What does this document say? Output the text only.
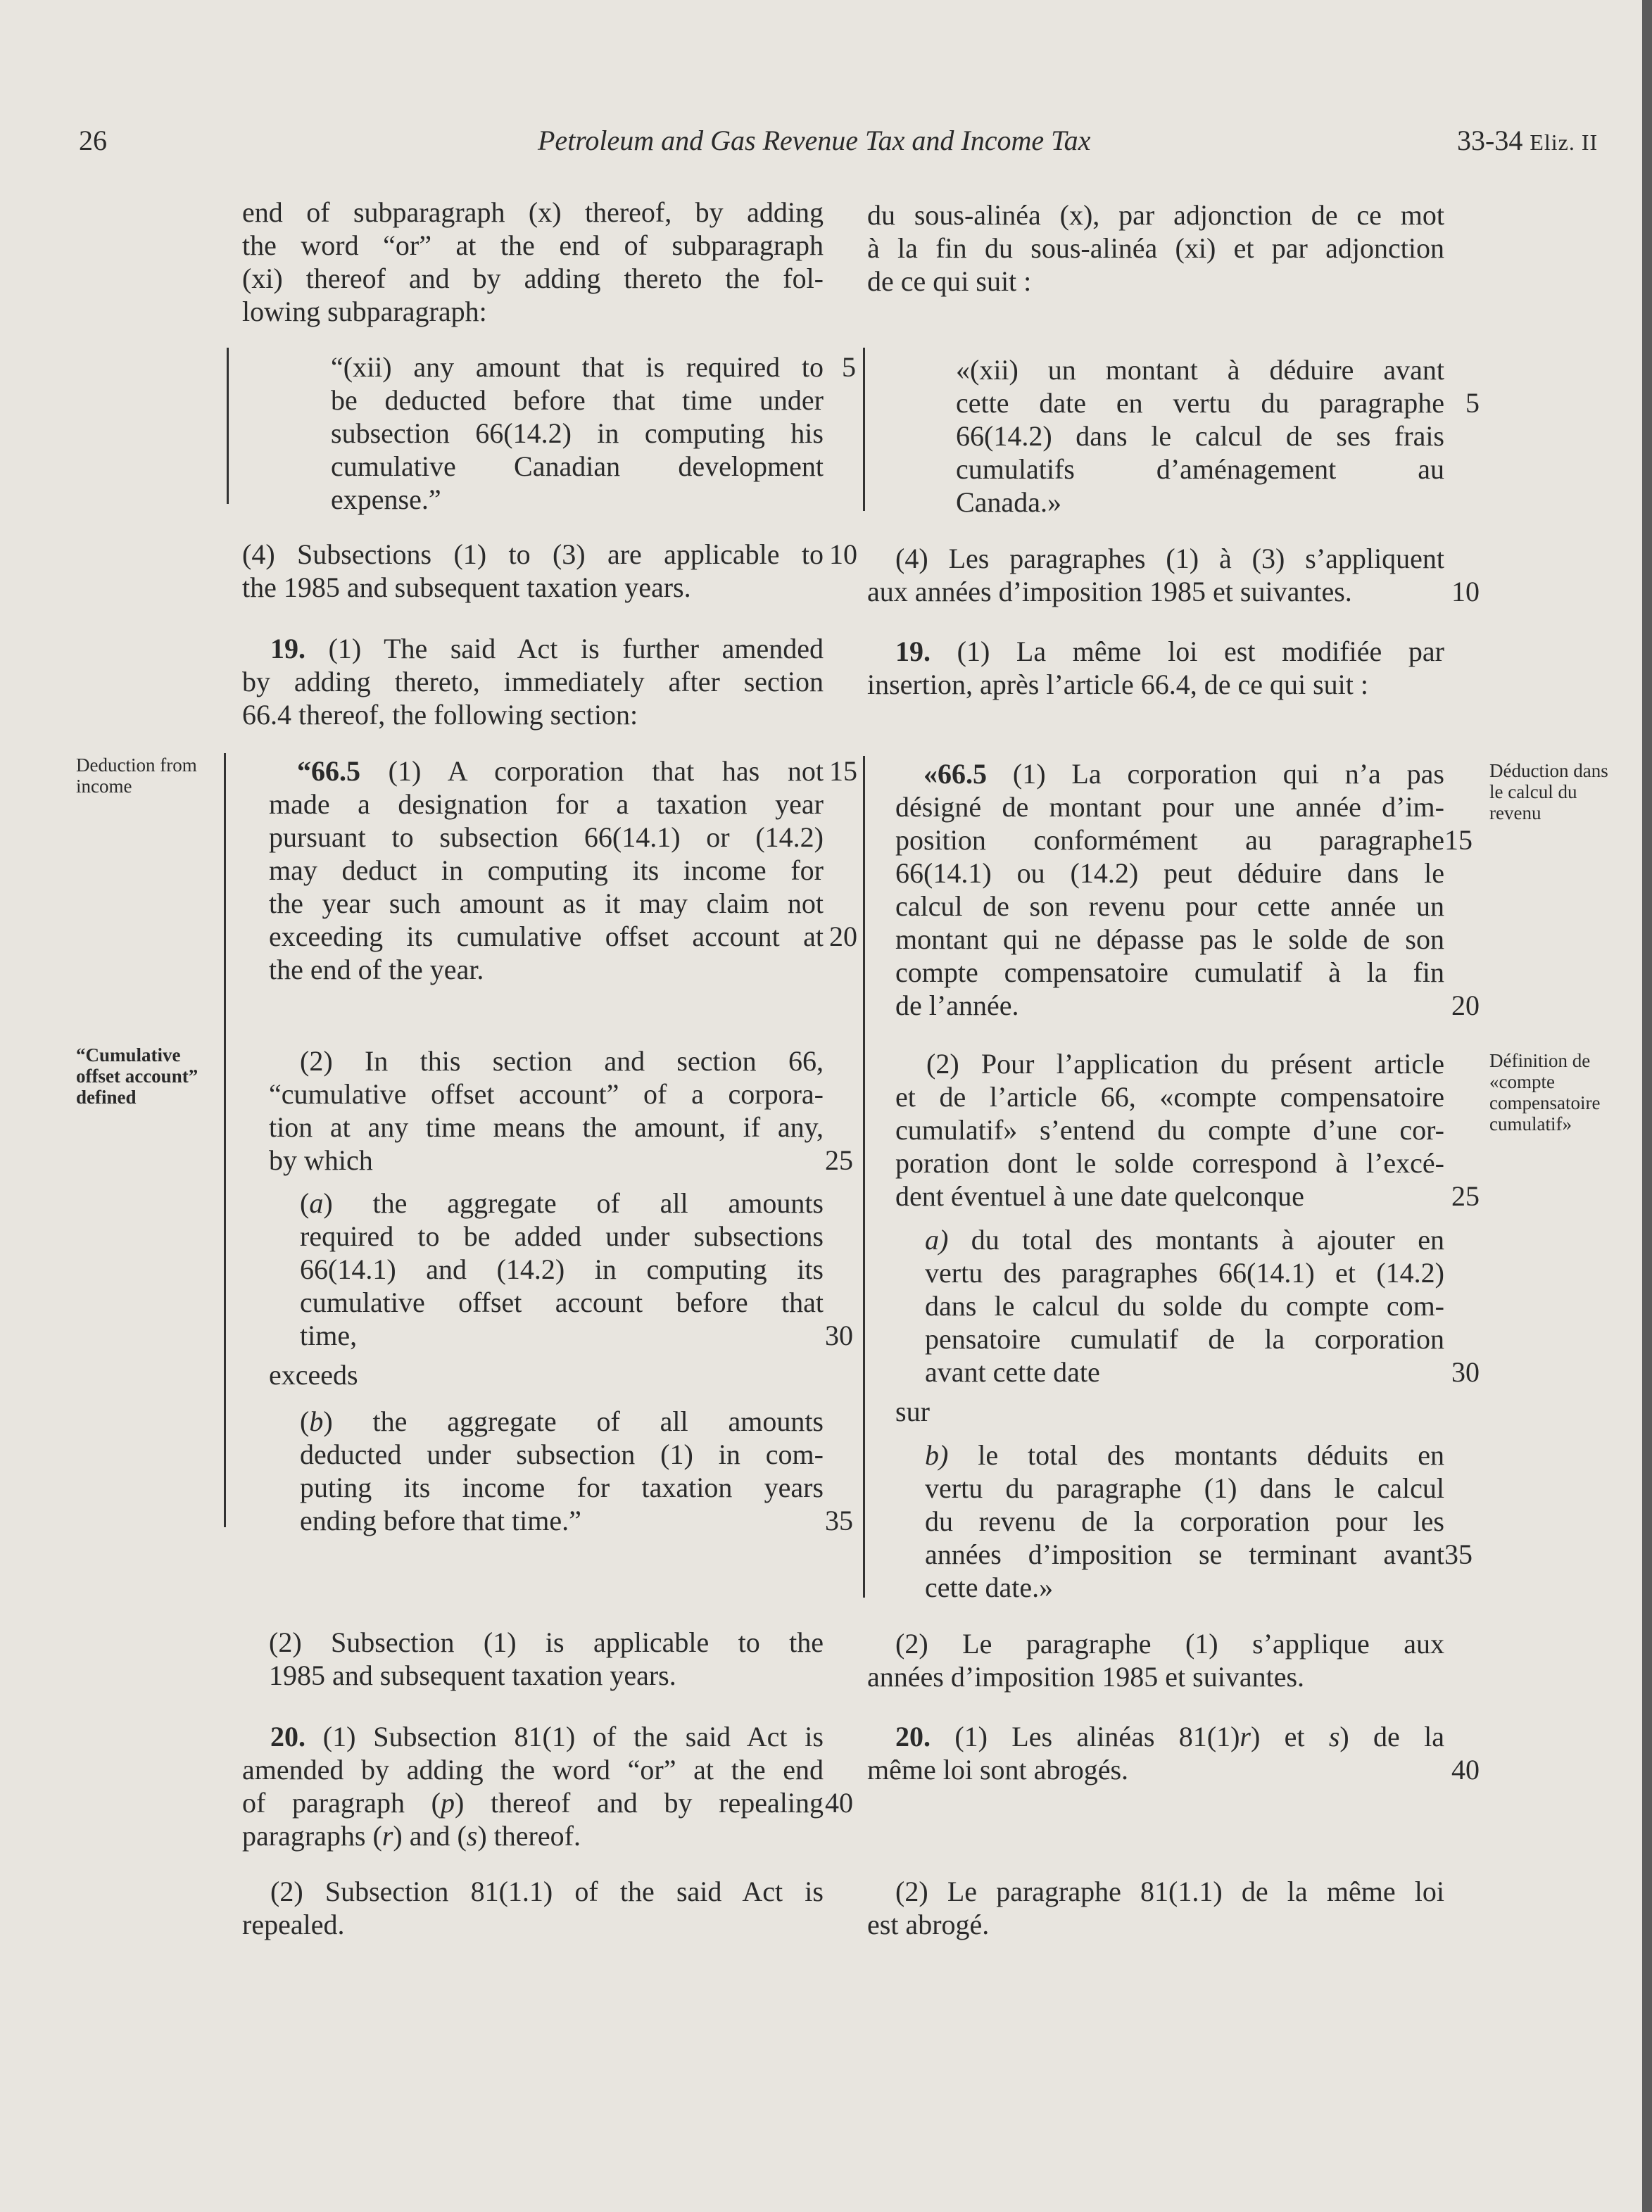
26	Petroleum and Gas Revenue Tax and Income Tax	33-34 Eliz. II
end of subparagraph (x) thereof, by adding
the word “or” at the end of subparagraph
(xi) thereof and by adding thereto the fol-
lowing subparagraph:
“(xii) any amount that is required to
be deducted before that time under
subsection 66(14.2) in computing his
cumulative Canadian development
expense.”
(4) Subsections (1) to (3) are applicable to
the 1985 and subsequent taxation years.
19. (1) The said Act is further amended
by adding thereto, immediately after section
66.4 thereof, the following section:
“66.5 (1) A corporation that has not
made a designation for a taxation year
pursuant to subsection 66(14.1) or (14.2)
may deduct in computing its income for
the year such amount as it may claim not
exceeding its cumulative offset account at
the end of the year.
(2) In this section and section 66,
“cumulative offset account” of a corpora-
tion at any time means the amount, if any,
by which
(a) the aggregate of all amounts
required to be added under subsections
66(14.1) and (14.2) in computing its
cumulative offset account before that
time,
exceeds
(b) the aggregate of all amounts
deducted under subsection (1) in com-
puting its income for taxation years
ending before that time.”
(2) Subsection (1) is applicable to the
1985 and subsequent taxation years.
20. (1) Subsection 81(1) of the said Act is
amended by adding the word “or” at the end
of paragraph (p) thereof and by repealing
paragraphs (r) and (s) thereof.
(2) Subsection 81(1.1) of the said Act is
repealed.
5
10
15
20
25
30
35
40
Deduction from
income
“Cumulative
offset account”
defined
du sous-alinéa (x), par adjonction de ce mot
à la fin du sous-alinéa (xi) et par adjonction
de ce qui suit :
«(xii) un montant à déduire avant
cette date en vertu du paragraphe
66(14.2) dans le calcul de ses frais
cumulatifs d’aménagement au
Canada.»
(4) Les paragraphes (1) à (3) s’appliquent
aux années d’imposition 1985 et suivantes.
19. (1) La même loi est modifiée par
insertion, après l’article 66.4, de ce qui suit :
«66.5 (1) La corporation qui n’a pas
désigné de montant pour une année d’im-
position conformément au paragraphe
66(14.1) ou (14.2) peut déduire dans le
calcul de son revenu pour cette année un
montant qui ne dépasse pas le solde de son
compte compensatoire cumulatif à la fin
de l’année.
(2) Pour l’application du présent article
et de l’article 66, «compte compensatoire
cumulatif» s’entend du compte d’une cor-
poration dont le solde correspond à l’excé-
dent éventuel à une date quelconque
a) du total des montants à ajouter en
vertu des paragraphes 66(14.1) et (14.2)
dans le calcul du solde du compte com-
pensatoire cumulatif de la corporation
avant cette date
sur
b) le total des montants déduits en
vertu du paragraphe (1) dans le calcul
du revenu de la corporation pour les
années d’imposition se terminant avant
cette date.»
(2) Le paragraphe (1) s’applique aux
années d’imposition 1985 et suivantes.
20. (1) Les alinéas 81(1)r) et s) de la
même loi sont abrogés.
(2) Le paragraphe 81(1.1) de la même loi
est abrogé.
5
10
15
20
25
30
35
40
Déduction dans
le calcul du
revenu
Définition de
«compte
compensatoire
cumulatif»
